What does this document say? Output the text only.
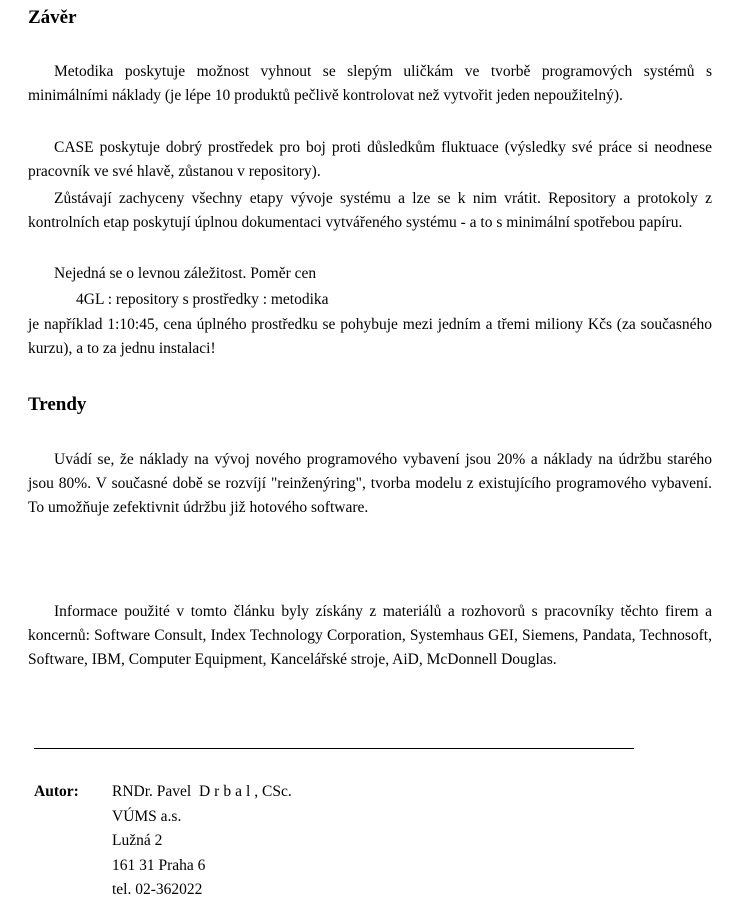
Závěr

Metodika poskytuje možnost vyhnout se slepým uličkám ve tvorbě programových systémů s minimálními náklady (je lépe 10 produktů pečlivě kontrolovat než vytvořit jeden nepoužitelný).

CASE poskytuje dobrý prostředek pro boj proti důsledkům fluktuace (výsledky své práce si neodnese pracovník ve své hlavě, zůstanou v repository).

Zůstávají zachyceny všechny etapy vývoje systému a lze se k nim vrátit. Repository a protokoly z kontrolních etap poskytují úplnou dokumentaci vytvářeného systému - a to s minimální spotřebou papíru.

Nejedná se o levnou záležitost. Poměr cen

4GL : repository s prostředky : metodika

je například 1:10:45, cena úplného prostředku se pohybuje mezi jedním a třemi miliony Kčs (za současného kurzu), a to za jednu instalaci!

Trendy

Uvádí se, že náklady na vývoj nového programového vybavení jsou 20% a náklady na údržbu starého jsou 80%. V současné době se rozvíjí "reinženýring", tvorba modelu z existujícího programového vybavení. To umožňuje zefektivnit údržbu již hotového software.

Informace použité v tomto článku byly získány z materiálů a rozhovorů s pracovníky těchto firem a koncernů: Software Consult, Index Technology Corporation, Systemhaus GEI, Siemens, Pandata, Technosoft, Software, IBM, Computer Equipment, Kancelářské stroje, AiD, McDonnell Douglas.

Autor: RNDr. Pavel Drbal, CSc.
VÚMS a.s.
Lužná 2
161 31 Praha 6
tel. 02-362022
